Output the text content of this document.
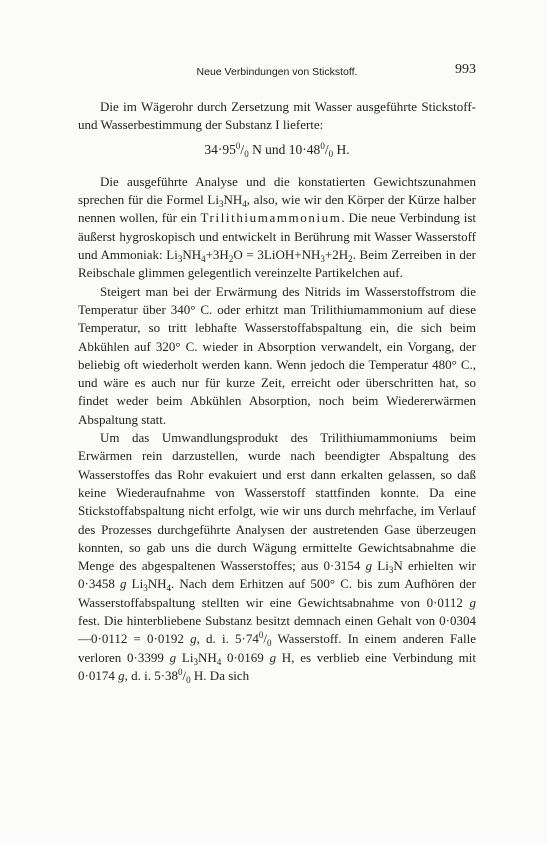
Neue Verbindungen von Stickstoff.	993

Die im Wägerohr durch Zersetzung mit Wasser ausgeführte Stickstoff- und Wasserbestimmung der Substanz I lieferte:

$34\cdot 95^0/_0$ N und $10\cdot 48^0/_0$ H.

Die ausgeführte Analyse und die konstatierten Gewichtszunahmen sprechen für die Formel $Li_3NH_4$, also, wie wir den Körper der Kürze halber nennen wollen, für ein Trilithiumammonium. Die neue Verbindung ist äußerst hygroskopisch und entwickelt in Berührung mit Wasser Wasserstoff und Ammoniak: $Li_3NH_4+3H_2O$ = $3LiOH+NH_3+2H_2$. Beim Zerreiben in der Reibschale glimmen gelegentlich vereinzelte Partikelchen auf.

Steigert man bei der Erwärmung des Nitrids im Wasserstoffstrom die Temperatur über 340° C. oder erhitzt man Trilithiumammonium auf diese Temperatur, so tritt lebhafte Wasserstoffabspaltung ein, die sich beim Abkühlen auf 320° C. wieder in Absorption verwandelt, ein Vorgang, der beliebig oft wiederholt werden kann. Wenn jedoch die Temperatur 480° C., und wäre es auch nur für kurze Zeit, erreicht oder überschritten hat, so findet weder beim Abkühlen Absorption, noch beim Wiedererwärmen Abspaltung statt.

Um das Umwandlungsprodukt des Trilithiumammoniums beim Erwärmen rein darzustellen, wurde nach beendigter Abspaltung des Wasserstoffes das Rohr evakuiert und erst dann erkalten gelassen, so daß keine Wiederaufnahme von Wasserstoff stattfinden konnte. Da eine Stickstoffabspaltung nicht erfolgt, wie wir uns durch mehrfache, im Verlauf des Prozesses durchgeführte Analysen der austretenden Gase überzeugen konnten, so gab uns die durch Wägung ermittelte Gewichtsabnahme die Menge des abgespaltenen Wasserstoffes; aus 0·3154 g $Li_3N$ erhielten wir 0·3458 g $Li_3NH_4$. Nach dem Erhitzen auf 500° C. bis zum Aufhören der Wasserstoffabspaltung stellten wir eine Gewichtsabnahme von 0·0112 g fest. Die hinterbliebene Substanz besitzt demnach einen Gehalt von 0·0304—0·0112 = 0·0192 g, d. i. $5\cdot 74^0/_0$ Wasserstoff. In einem anderen Falle verloren 0·3399 g $Li_3NH_4$ 0·0169 g H, es verblieb eine Verbindung mit 0·0174 g, d. i. $5\cdot 38^0/_0$ H. Da sich
